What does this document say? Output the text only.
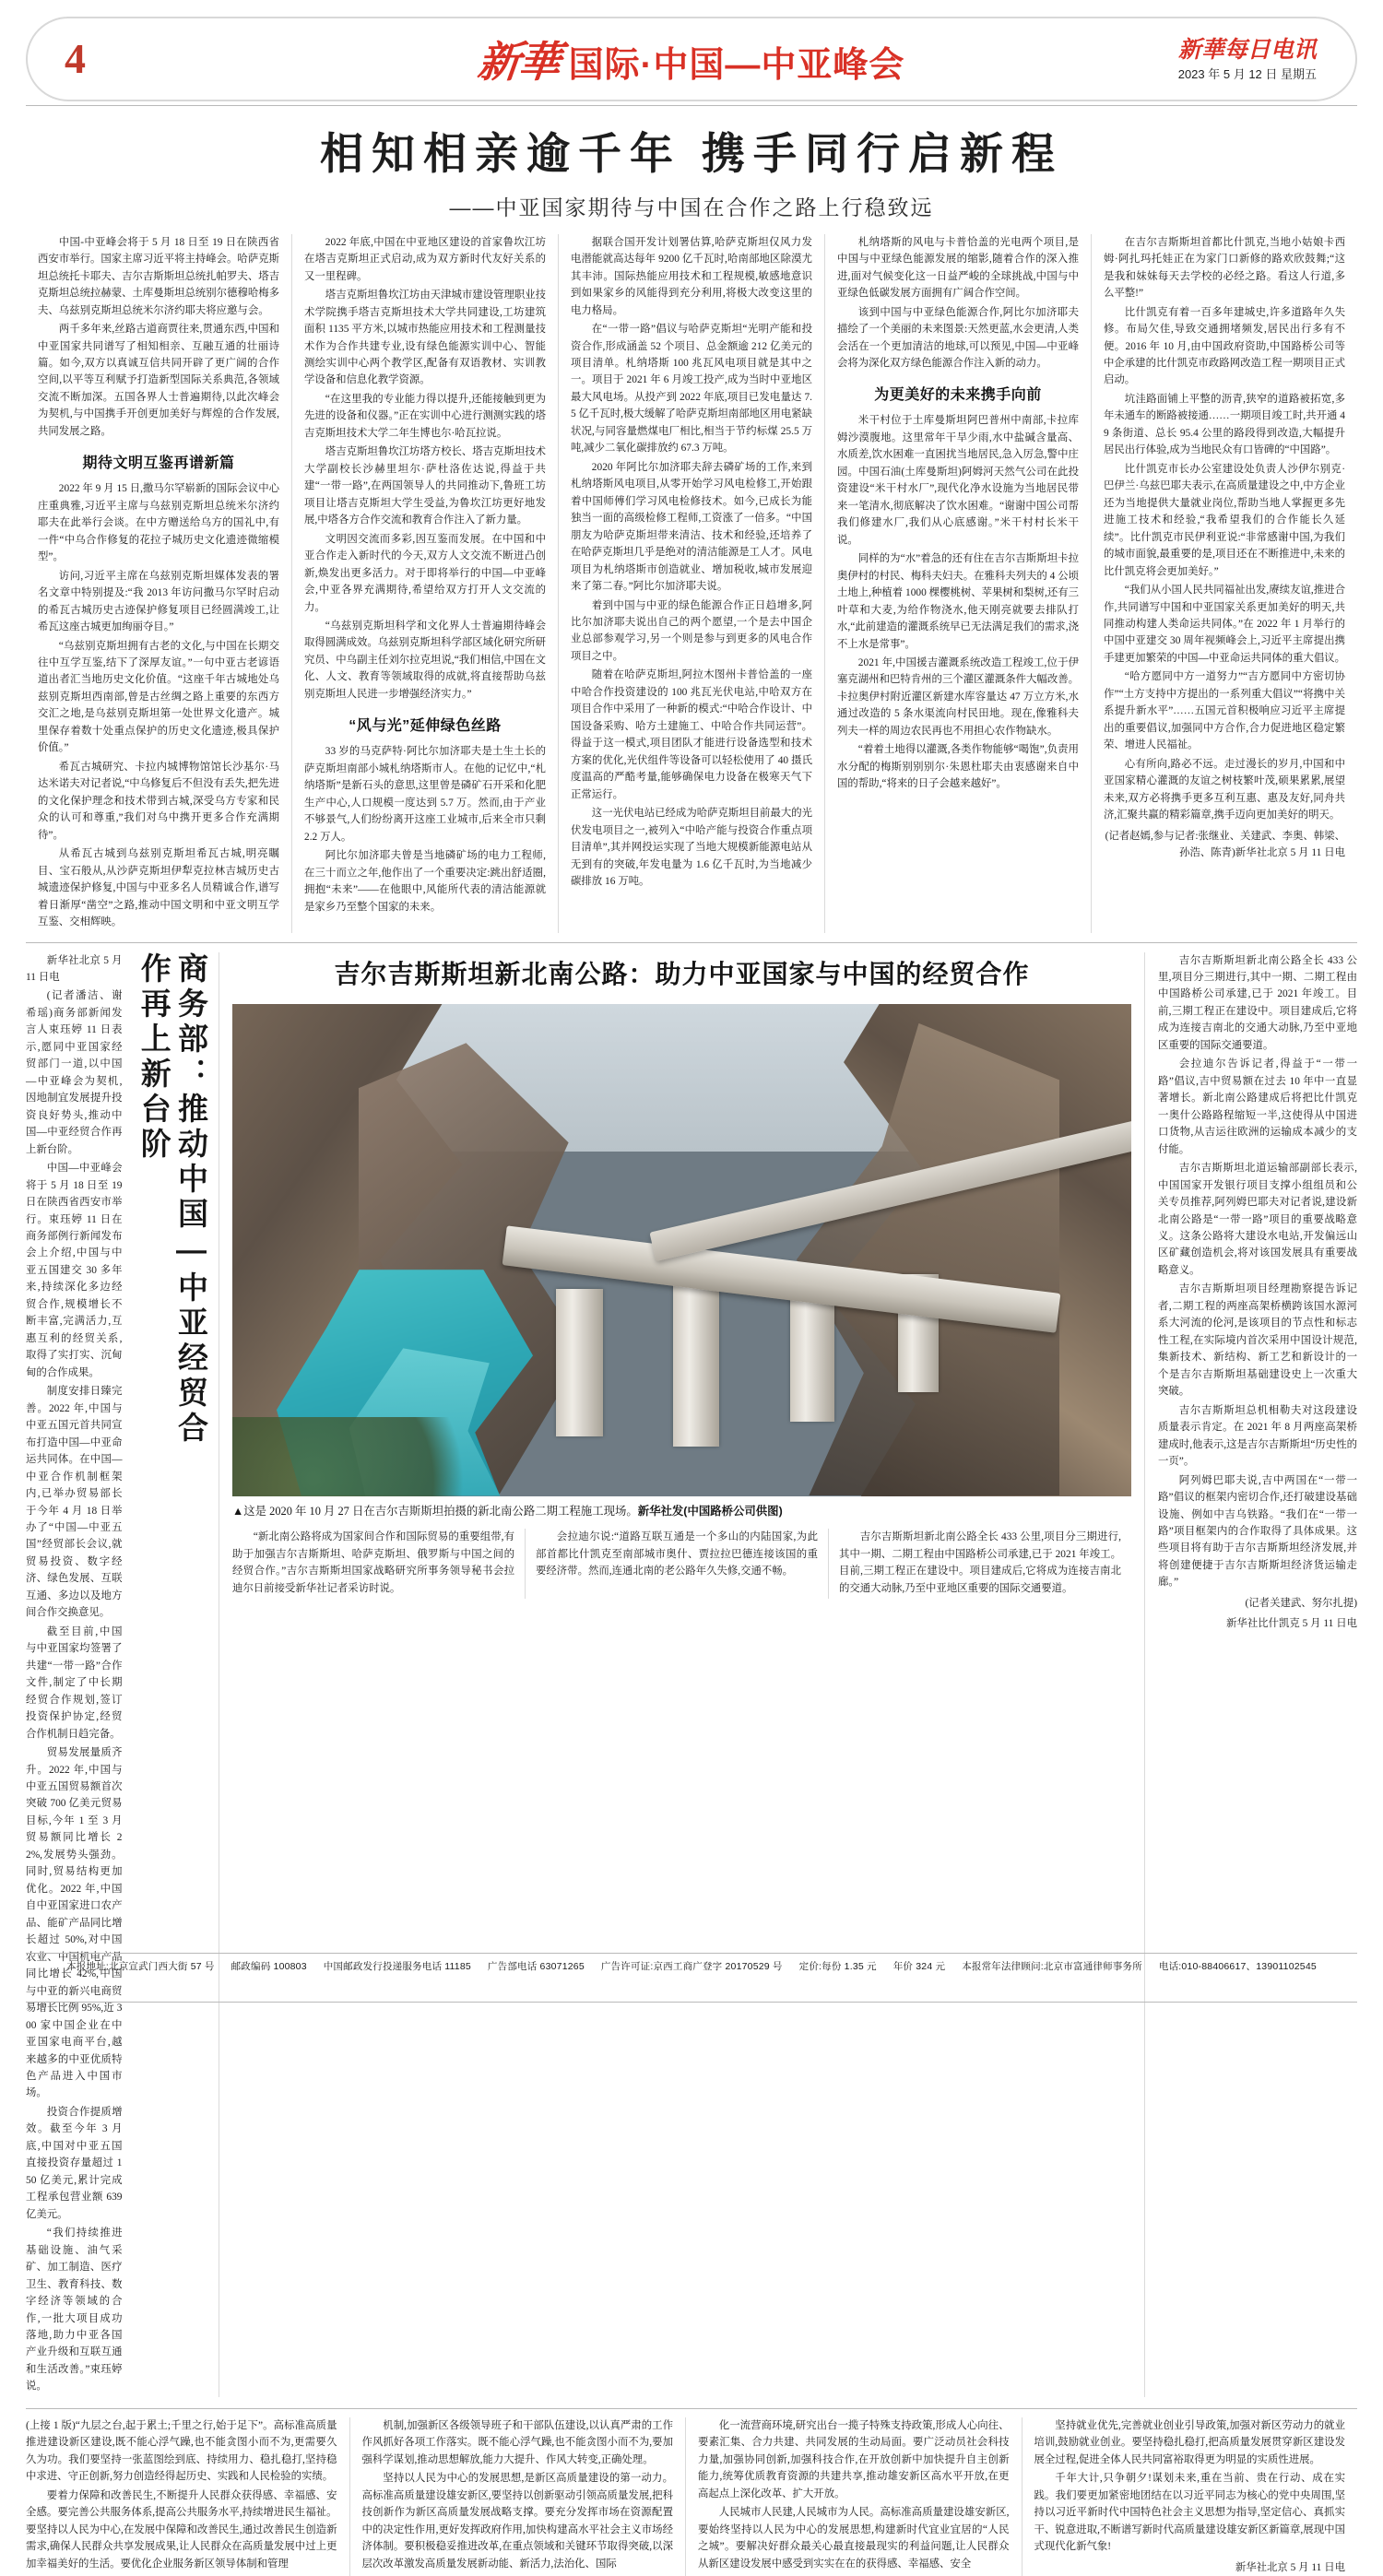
4	新華 国际·中国—中亚峰会	新華每日电讯
2023 年 5 月 12 日 星期五
相知相亲逾千年 携手同行启新程
——中亚国家期待与中国在合作之路上行稳致远

中国-中亚峰会将于 5 月 18 日至 19 日在陕西省西安市举行。国家主席习近平将主持峰会。哈萨克斯坦总统托卡耶夫、吉尔吉斯斯坦总统扎帕罗夫、塔吉克斯坦总统拉赫蒙、土库曼斯坦总统别尔德穆哈梅多夫、乌兹别克斯坦总统米尔济约耶夫将应邀与会。

两千多年来,丝路古道商贾往来,贯通东西,中国和中亚国家共同谱写了相知相亲、互融互通的壮丽诗篇。如今,双方以真诚互信共同开辟了更广阔的合作空间,以平等互利赋予打造新型国际关系典范,各领域交流不断加深。五国各界人士普遍期待,以此次峰会为契机,与中国携手开创更加美好与辉煌的合作发展,共同发展之路。

期待文明互鉴再谱新篇

2022 年 9 月 15 日,撒马尔罕崭新的国际会议中心庄重典雅,习近平主席与乌兹别克斯坦总统米尔济约耶夫在此举行会谈。在中方赠送给乌方的国礼中,有一件“中乌合作修复的花拉子城历史文化遗迹微缩模型”。

访问,习近平主席在乌兹别克斯坦媒体发表的署名文章中特别提及:“我 2013 年访问撒马尔罕时启动的希瓦古城历史古迹保护修复项目已经圆满竣工,让希瓦这座古城更加绚丽夺目。”

“乌兹别克斯坦拥有古老的文化,与中国在长期交往中互学互鉴,结下了深厚友谊。”一句中亚古老谚语道出者汇当地历史文化价值。“这座千年古城地处乌兹别克斯坦西南部,曾是古丝绸之路上重要的东西方交汇之地,是乌兹别克斯坦第一处世界文化遗产。城里保存着数十处重点保护的历史文化遗迹,极具保护价值。”

希瓦古城研究、卡拉内城博物馆馆长沙基尔·马达米诺夫对记者说,“中乌修复后不但没有丢失,把先进的文化保护理念和技术带到古城,深受乌方专家和民众的认可和尊重,”我们对乌中携开更多合作充满期待”。

从希瓦古城到乌兹别克斯坦希瓦古城,明亮瞩目、宝石般从,从沙萨克斯坦伊犁克拉林吉城历史古城遗迹保护修复,中国与中亚多名人员精诚合作,谱写着日渐厚“凿空”之路,推动中国文明和中亚文明互学互鉴、交相辉映。

2022 年底,中国在中亚地区建设的首家鲁坎江坊在塔吉克斯坦正式启动,成为双方新时代友好关系的又一里程碑。

塔吉克斯坦鲁坎江坊由天津城市建设管理职业技术学院携手塔吉克斯坦技术大学共同建设,工坊建筑面积 1135 平方米,以城市热能应用技术和工程测量技术作为合作共建专业,设有绿色能源实训中心、智能测绘实训中心两个教学区,配备有双语教材、实训教学设备和信息化教学资源。

“在这里我的专业能力得以提升,还能接触到更为先进的设备和仪器。”正在实训中心进行测测实践的塔吉克斯坦技术大学二年生博也尔·哈瓦拉说。

塔吉克斯坦鲁坎江坊塔方校长、塔吉克斯坦技术大学副校长沙赫里坦尔·萨杜洛佐达说,得益于共建“一带一路”,在两国领导人的共同推动下,鲁班工坊项目让塔吉克斯坦大学生受益,为鲁坎江坊更好地发展,中塔各方合作交流和教育合作注入了新力量。

文明因交流而多彩,因互鉴而发展。在中国和中亚合作走入新时代的今天,双方人文交流不断迸凸创新,焕发出更多活力。对于即将举行的中国—中亚峰会,中亚各界充满期待,希望给双方打开人文交流的力。

“乌兹别克斯坦科学和文化界人士普遍期待峰会取得圆满成效。乌兹别克斯坦科学部区域化研究所研究员、中乌副主任刘尔拉克坦说,“我们相信,中国在文化、人文、教育等领域取得的成就,将直接帮助乌兹别克斯坦人民进一步增强经济实力。”

“风与光”延伸绿色丝路

33 岁的马克萨特·阿比尔加济耶夫是土生土长的萨克斯坦南部小城札纳塔斯市人。在他的记忆中,“札纳塔斯”是新石头的意思,这里曾是磷矿石开采和化肥生产中心,人口规模一度达到 5.7 万。然而,由于产业不够景气,人们纷纷离开这座工业城市,后来全市只剩 2.2 万人。

阿比尔加济耶夫曾是当地磷矿场的电力工程师,在三十而立之年,他作出了一个重要决定:跳出舒适圈,拥抱“未来”——在他眼中,风能所代表的清洁能源就是家乡乃至整个国家的未来。

据联合国开发计划署估算,哈萨克斯坦仅风力发电潜能就高达每年 9200 亿千瓦时,哈南部地区除漠尤其丰沛。国际热能应用技术和工程规模,敏感地意识到如果家乡的风能得到充分利用,将极大改变这里的电力格局。

在“一带一路”倡议与哈萨克斯坦“光明产能和投资合作,形成涵盖 52 个项目、总金额逾 212 亿美元的项目清单。札纳塔斯 100 兆瓦风电项目就是其中之一。项目于 2021 年 6 月竣工投产,成为当时中亚地区最大风电场。从投产到 2022 年底,项目已发电量达 7.5 亿千瓦时,极大缓解了哈萨克斯坦南部地区用电紧缺状况,与同容量燃煤电厂相比,相当于节约标煤 25.5 万吨,减少二氧化碳排放约 67.3 万吨。

2020 年阿比尔加济耶夫辞去磷矿场的工作,来到札纳塔斯风电项目,从零开始学习风电检修工,开始跟着中国师傅们学习风电检修技术。如今,已成长为能独当一面的高级检修工程师,工资涨了一倍多。“中国朋友为哈萨克斯坦带来清洁、技术和经验,还培养了在哈萨克斯坦几乎是绝对的清洁能源是工人才。风电项目为札纳塔斯市创造就业、增加税收,城市发展迎来了第二春。”阿比尔加济耶夫说。

着到中国与中亚的绿色能源合作正日趋增多,阿比尔加济耶夫说出自己的两个愿望,一个是去中国企业总部参观学习,另一个则是参与到更多的风电合作项目之中。

随着在哈萨克斯坦,阿拉木图州卡普恰盖的一座中哈合作投资建设的 100 兆瓦光伏电站,中哈双方在项目合作中采用了一种新的模式:“中哈合作设计、中国设备采购、哈方土建施工、中哈合作共同运营”。得益于这一模式,项目团队才能进行设备选型和技术方案的优化,光伏组件等设备可以轻松使用了 40 摄氏度温高的严酷考量,能够确保电力设备在极寒天气下正常运行。

这一光伏电站已经成为哈萨克斯坦目前最大的光伏发电项目之一,被列入“中哈产能与投资合作重点项目清单”,其并网投运实现了当地大规模新能源电站从无到有的突破,年发电量为 1.6 亿千瓦时,为当地减少碳排放 16 万吨。

札纳塔斯的风电与卡普恰盖的光电两个项目,是中国与中亚绿色能源发展的缩影,随着合作的深入推进,面对气候变化这一日益严峻的全球挑战,中国与中亚绿色低碳发展方面拥有广阔合作空间。

该到中国与中亚绿色能源合作,阿比尔加济耶夫描绘了一个美丽的未来图景:天然更蓝,水会更清,人类会活在一个更加清洁的地球,可以预见,中国—中亚峰会将为深化双方绿色能源合作注入新的动力。

为更美好的未来携手向前

米干村位于土库曼斯坦阿巴普州中南部,卡拉库姆沙漠腹地。这里常年干旱少雨,水中盐碱含量高、水质差,饮水困难一直困扰当地居民,急入厉急,警中庄园。中国石油(土库曼斯坦)阿姆河天然气公司在此投资建设“米干村水厂”,现代化净水设施为当地居民带来一笔清水,彻底解决了饮水困难。“谢谢中国公司帮我们修建水厂,我们从心底感谢。”米干村村长米干说。

同样的为“水”着急的还有住在吉尔吉斯斯坦卡拉奥伊村的村民、梅科夫妇夫。在雅科夫列夫的 4 公顷土地上,种植着 1000 棵樱桃树、苹果树和梨树,还有三叶草和大麦,为给作物浇水,他天刚亮就要去排队打水,“此前建造的灌溉系统早已无法满足我们的需求,浇不上水是常事”。

2021 年,中国援吉灌溉系统改造工程竣工,位于伊塞克湖州和巴特肯州的三个灌区灌溉条件大幅改善。卡拉奥伊村附近灌区新建水库容量达 47 万立方米,水通过改造的 5 条水渠流向村民田地。现在,像雅科夫列夫一样的周边农民再也不用担心农作物缺水。

“着着土地得以灌溉,各类作物能够“喝饱”,负责用水分配的梅斯别别别尔·朱恩杜耶夫由衷感谢来自中国的帮助,“将来的日子会越来越好”。

在吉尔吉斯斯坦首都比什凯克,当地小姑娘卡西姆·阿扎玛托娃正在为家门口新修的路欢欣鼓舞;“这是我和妹妹每天去学校的必经之路。看这人行道,多么平整!”

比什凯克有着一百多年建城史,许多道路年久失修。布局欠佳,导致交通拥堵频发,居民出行多有不便。2016 年 10 月,由中国政府资助,中国路桥公司等中企承建的比什凯克市政路网改造工程一期项目正式启动。

坑洼路面铺上平整的沥青,狭窄的道路被拓宽,多年未通车的断路被接通……一期项目竣工时,共开通 49 条街道、总长 95.4 公里的路段得到改造,大幅提升居民出行体验,成为当地民众有口皆碑的“中国路”。

比什凯克市长办公室建设处负责人沙伊尔别克·巴伊兰·乌兹巴耶夫表示,在高质量建设之中,中方企业还为当地提供大量就业岗位,帮助当地人掌握更多先进施工技术和经验,“我希望我们的合作能长久延续”。比什凯克市民伊利亚说:“非常感谢中国,为我们的城市面貌,最重要的是,项目还在不断推进中,未来的比什凯克将会更加美好。”

“我们从小国人民共同福祉出发,赓续友谊,推进合作,共同谱写中国和中亚国家关系更加美好的明天,共同推动构建人类命运共同体。”在 2022 年 1 月举行的中国中亚建交 30 周年视频峰会上,习近平主席提出携手建更加繁荣的中国—中亚命运共同体的重大倡议。

“哈方愿同中方一道努力”“吉方愿同中方密切协作”“土方支持中方提出的一系列重大倡议”“将携中关系提升新水平”……五国元首积极响应习近平主席提出的重要倡议,加强同中方合作,合力促进地区稳定繁荣、增进人民福祉。

心有所向,路必不远。走过漫长的岁月,中国和中亚国家精心灌溉的友谊之树枝繁叶茂,硕果累累,展望未来,双方必将携手更多互利互惠、惠及友好,同舟共济,汇聚共赢的精彩篇章,携手迈向更加美好的明天。

(记者赵嫣,参与记者:张继业、关建武、李奥、韩梁、孙浩、陈青)新华社北京 5 月 11 日电

新华社北京 5 月 11 日电

(记者潘洁、谢希瑶)商务部新闻发言人束珏婷 11 日表示,愿同中亚国家经贸部门一道,以中国—中亚峰会为契机,因地制宜发展提升投资良好势头,推动中国—中亚经贸合作再上新台阶。

中国—中亚峰会将于 5 月 18 日至 19 日在陕西省西安市举行。束珏婷 11 日在商务部例行新闻发布会上介绍,中国与中亚五国建交 30 多年来,持续深化多边经贸合作,规模增长不断丰富,完满活力,互惠互利的经贸关系,取得了实打实、沉甸甸的合作成果。

制度安排日臻完善。2022 年,中国与中亚五国元首共同宣布打造中国—中亚命运共同体。在中国—中亚合作机制框架内,已举办贸易部长于今年 4 月 18 日举办了“中国—中亚五国”经贸部长会议,就贸易投资、数字经济、绿色发展、互联互通、多边以及地方间合作交换意见。

截至目前,中国与中亚国家均签署了共建“一带一路”合作文件,制定了中长期经贸合作规划,签订投资保护协定,经贸合作机制日趋完备。

贸易发展量质齐升。2022 年,中国与中亚五国贸易额首次突破 700 亿美元贸易目标,今年 1 至 3 月贸易额同比增长 22%,发展势头强劲。同时,贸易结构更加优化。2022 年,中国自中亚国家进口农产品、能矿产品同比增长超过 50%,对中国农业、中国机电产品同比增长 42%,中国与中亚的新兴电商贸易增长比例 95%,近 300 家中国企业在中亚国家电商平台,越来越多的中亚优质特色产品进入中国市场。

投资合作提质增效。截至今年 3 月底,中国对中亚五国直接投资存量超过 150 亿美元,累计完成工程承包营业额 639 亿美元。

“我们持续推进基础设施、油气采矿、加工制造、医疗卫生、教育科技、数字经济等领域的合作,一批大项目成功落地,助力中亚各国产业升级和互联互通和生活改善。”束珏婷说。

商务部：推动中国—中亚经贸合作再上新台阶	吉尔吉斯斯坦新北南公路：助力中亚国家与中国的经贸合作
▲这是 2020 年 10 月 27 日在吉尔吉斯斯坦拍摄的新北南公路二期工程施工现场。新华社发(中国路桥公司供图)

“新北南公路将成为国家间合作和国际贸易的重要组带,有助于加强吉尔吉斯斯坦、哈萨克斯坦、俄罗斯与中国之间的经贸合作。”吉尔吉斯斯坦国家战略研究所事务领导秘书会拉迪尔日前接受新华社记者采访时说。

会拉迪尔说:“道路互联互通是一个多山的内陆国家,为此部首都比什凯克至南部城市奥什、贾拉拉巴德连接该国的重要经济带。然而,连通北南的老公路年久失修,交通不畅。

吉尔吉斯斯坦新北南公路全长 433 公里,项目分三期进行,其中一期、二期工程由中国路桥公司承建,已于 2021 年竣工。目前,三期工程正在建设中。项目建成后,它将成为连接吉南北的交通大动脉,乃至中亚地区重要的国际交通要道。

吉尔吉斯斯坦新北南公路全长 433 公里,项目分三期进行,其中一期、二期工程由中国路桥公司承建,已于 2021 年竣工。目前,三期工程正在建设中。项目建成后,它将成为连接吉南北的交通大动脉,乃至中亚地区重要的国际交通要道。

会拉迪尔告诉记者,得益于“一带一路”倡议,吉中贸易额在过去 10 年中一直显著增长。新北南公路建成后将把比什凯克一奥什公路路程缩短一半,这使得从中国进口货物,从吉运往欧洲的运输成本减少的支付能。

吉尔吉斯斯坦北道运输部副部长表示,中国国家开发银行项目支撑小组组员和公关专员推荐,阿列姆巴耶夫对记者说,建设新北南公路是“一带一路”项目的重要战略意义。这条公路将大建设水电站,开发偏远山区矿藏创造机会,将对该国发展具有重要战略意义。

吉尔吉斯斯坦项目经理勘察提告诉记者,二期工程的两座高架桥横跨该国水源河系大河流的伦河,是该项目的节点性和标志性工程,在实际境内首次采用中国设计规范,集新技术、新结构、新工艺和新设计的一个是吉尔吉斯斯坦基础建设史上一次重大突破。

吉尔吉斯斯坦总机相勒夫对这段建设质量表示肯定。在 2021 年 8 月两座高架桥建成时,他表示,这是吉尔吉斯斯坦“历史性的一页”。

阿列姆巴耶夫说,吉中两国在“一带一路”倡议的框架内密切合作,还打破建设基础设施、例如中吉乌铁路。“我们在“一带一路”项目框架内的合作取得了具体成果。这些项目将有助于吉尔吉斯斯坦经济发展,并将创建便捷于吉尔吉斯斯坦经济货运输走廊。”

(记者关建武、努尔扎提)
新华社比什凯克 5 月 11 日电

(上接 1 版)“九层之台,起于累土;千里之行,始于足下”。高标准高质量推进建设新区建设,既不能心浮气躁,也不能贪图小而不为,更需要久久为功。我们要坚持一张蓝图绘到底、持续用力、稳扎稳打,坚持稳中求进、守正创新,努力创造经得起历史、实践和人民检验的实绩。

要着力保障和改善民生,不断提升人民群众获得感、幸福感、安全感。要完善公共服务体系,提高公共服务水平,持续增进民生福祉。要坚持以人民为中心,在发展中保障和改善民生,通过改善民生创造新需求,确保人民群众共享发展成果,让人民群众在高质量发展中过上更加幸福美好的生活。要优化企业服务新区领导体制和管理

机制,加强新区各级领导班子和干部队伍建设,以认真严肃的工作作风抓好各项工作落实。既不能心浮气躁,也不能贪图小而不为,要加强科学谋划,推动思想解放,能力大提升、作风大转变,正确处理。

坚持以人民为中心的发展思想,是新区高质量建设的第一动力。高标准高质量建设雄安新区,要坚持以创新驱动引领高质量发展,把科技创新作为新区高质量发展战略支撑。要充分发挥市场在资源配置中的决定性作用,更好发挥政府作用,加快构建高水平社会主义市场经济体制。要积极稳妥推进改革,在重点领域和关键环节取得突破,以深层次改革激发高质量发展新动能、新活力,法治化、国际

化一流营商环境,研究出台一揽子特殊支持政策,形成人心向往、要素汇集、合力共建、共同发展的生动局面。要广泛动员社会科技力量,加强协同创新,加强科技合作,在开放创新中加快提升自主创新能力,统筹优质教育资源的共建共享,推动雄安新区高水平开放,在更高起点上深化改革、扩大开放。

人民城市人民建,人民城市为人民。高标准高质量建设雄安新区,要始终坚持以人民为中心的发展思想,构建新时代宜业宜居的“人民之城”。要解决好群众最关心最直接最现实的利益问题,让人民群众从新区建设发展中感受到实实在在的获得感、幸福感、安全

坚持就业优先,完善就业创业引导政策,加强对新区劳动力的就业培训,鼓励就业创业。要坚持稳扎稳打,把高质量发展贯穿新区建设发展全过程,促进全体人民共同富裕取得更为明显的实质性进展。

千年大计,只争朝夕!谋划未来,重在当前、贵在行动、成在实践。我们要更加紧密地团结在以习近平同志为核心的党中央周围,坚持以习近平新时代中国特色社会主义思想为指导,坚定信心、真抓实干、锐意进取,不断谱写新时代高质量建设雄安新区新篇章,展现中国式现代化新气象!

新华社北京 5 月 11 日电
本报地址:北京宣武门西大街 57 号 邮政编码 100803 中国邮政发行投递服务电话 11185 广告部电话 63071265 广告许可证:京西工商广登字 20170529 号 定价:每份 1.35 元 年价 324 元 本报常年法律顾问:北京市富通律师事务所 电话:010-88406617、13901102545
